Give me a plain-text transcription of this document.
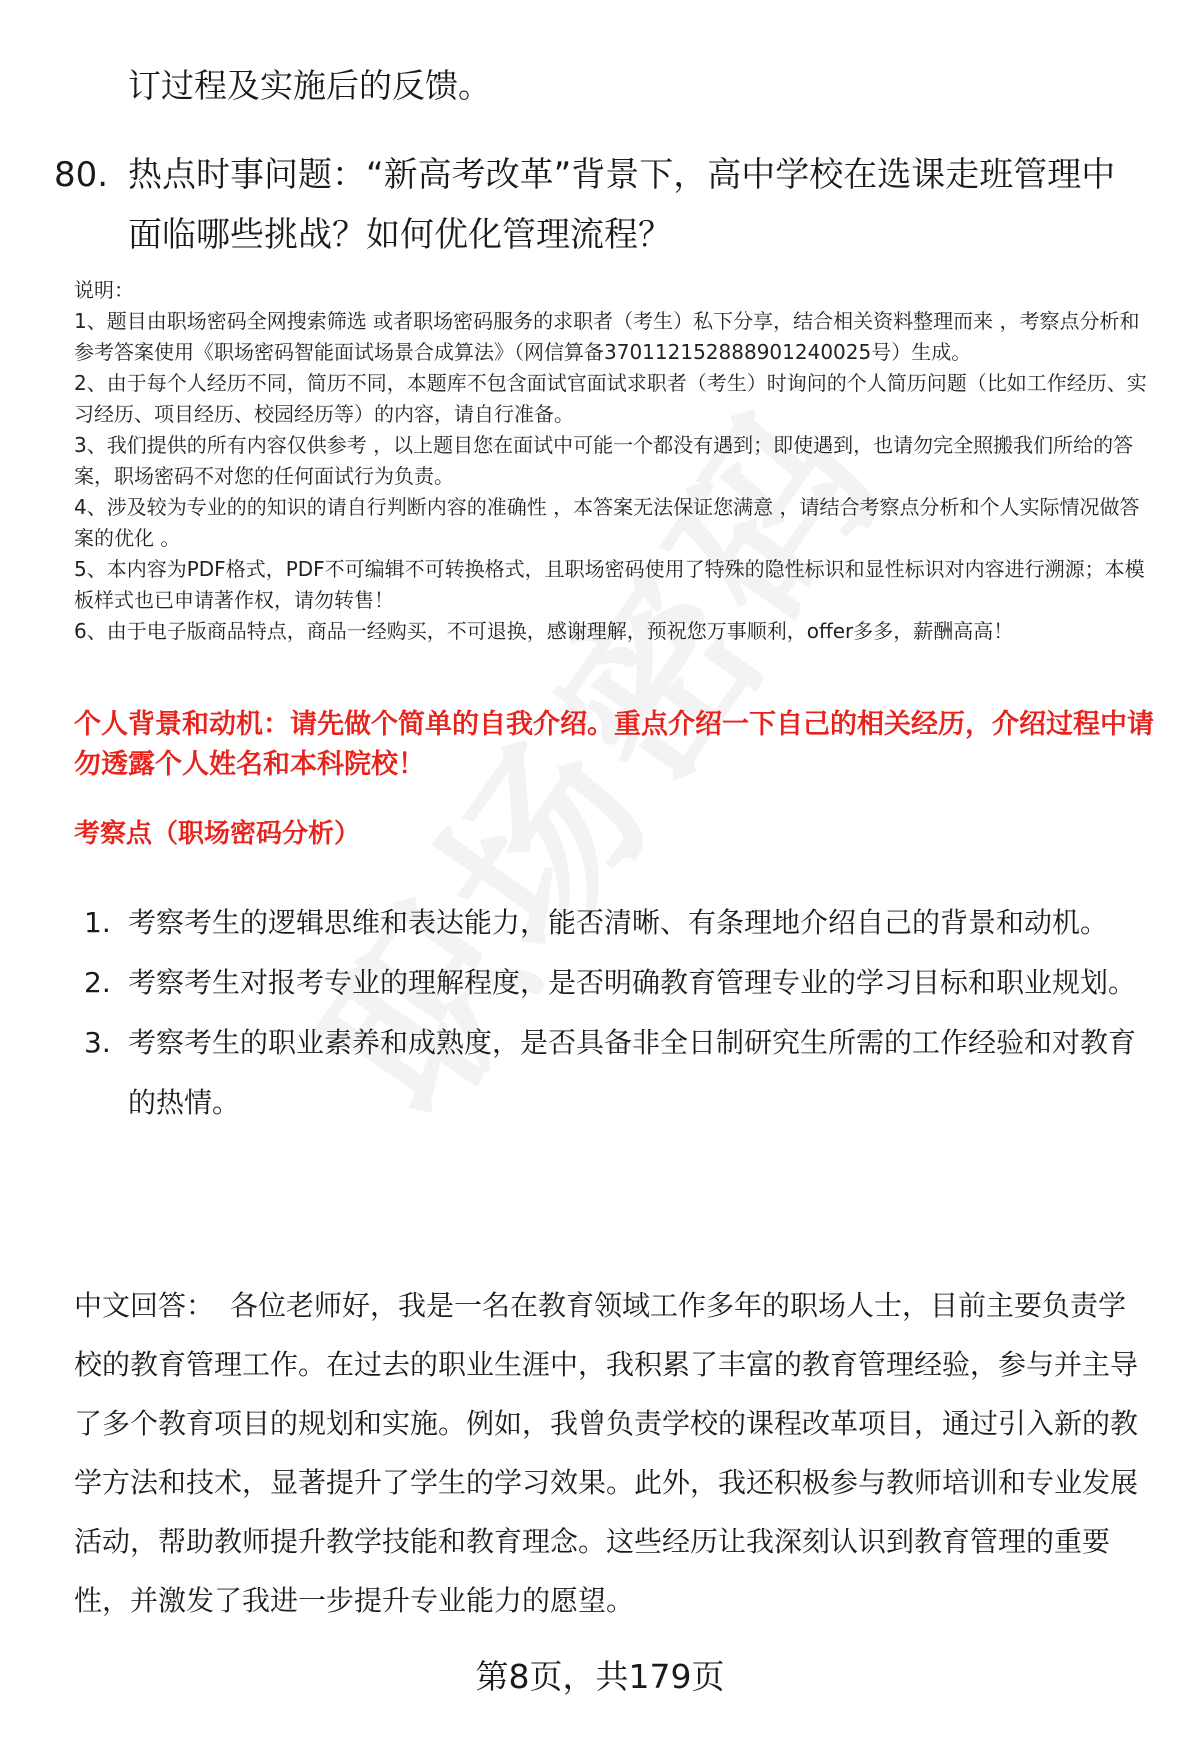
订过程及实施后的反馈。
80. 热点时事问题：“新高考改革”背景下，高中学校在选课走班管理中面临哪些挑战？如何优化管理流程？

说明：

1、题目由职场密码全网搜索筛选 或者职场密码服务的求职者（考生）私下分享，结合相关资料整理而来 ，考察点分析和参考答案使用《职场密码智能面试场景合成算法》（网信算备370112152888901240025号）生成。

2、由于每个人经历不同，简历不同，本题库不包含面试官面试求职者（考生）时询问的个人简历问题（比如工作经历、实习经历、项目经历、校园经历等）的内容，请自行准备。

3、我们提供的所有内容仅供参考 ，以上题目您在面试中可能一个都没有遇到；即使遇到，也请勿完全照搬我们所给的答案，职场密码不对您的任何面试行为负责。

4、涉及较为专业的的知识的请自行判断内容的准确性 ，本答案无法保证您满意 ，请结合考察点分析和个人实际情况做答案的优化 。

5、本内容为PDF格式，PDF不可编辑不可转换格式，且职场密码使用了特殊的隐性标识和显性标识对内容进行溯源；本模板样式也已申请著作权，请勿转售！

6、由于电子版商品特点，商品一经购买，不可退换，感谢理解，预祝您万事顺利，offer多多，薪酬高高！

个人背景和动机：请先做个简单的自我介绍。重点介绍一下自己的相关经历，介绍过程中请勿透露个人姓名和本科院校！
考察点（职场密码分析）
1. 考察考生的逻辑思维和表达能力，能否清晰、有条理地介绍自己的背景和动机。
2. 考察考生对报考专业的理解程度，是否明确教育管理专业的学习目标和职业规划。
3. 考察考生的职业素养和成熟度，是否具备非全日制研究生所需的工作经验和对教育的热情。
中文回答： 各位老师好，我是一名在教育领域工作多年的职场人士，目前主要负责学校的教育管理工作。在过去的职业生涯中，我积累了丰富的教育管理经验，参与并主导了多个教育项目的规划和实施。例如，我曾负责学校的课程改革项目，通过引入新的教学方法和技术，显著提升了学生的学习效果。此外，我还积极参与教师培训和专业发展活动，帮助教师提升教学技能和教育理念。这些经历让我深刻认识到教育管理的重要性，并激发了我进一步提升专业能力的愿望。
第8页，共179页
